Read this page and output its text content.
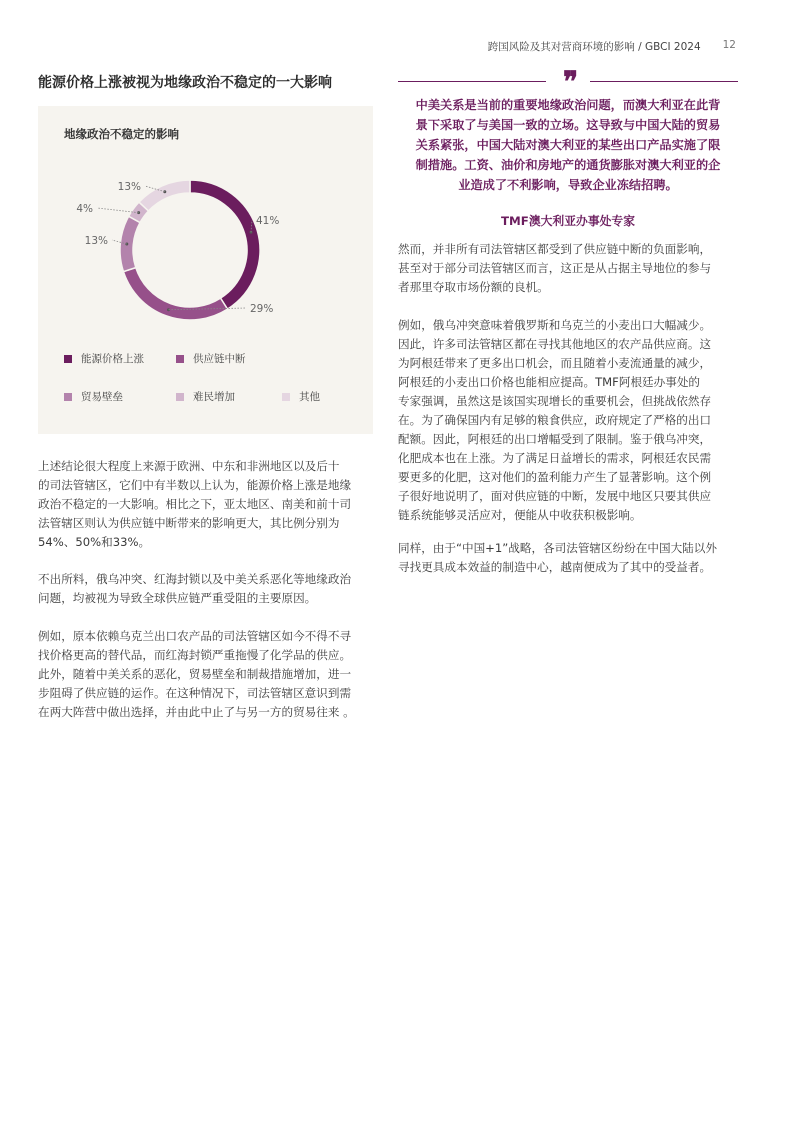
跨国风险及其对营商环境的影响 / GBCI 2024 12
能源价格上涨被视为地缘政治不稳定的一大影响
地缘政治不稳定的影响
41%
29%
13%
4%
13%
能源价格上涨	供应链中断
贸易壁垒	难民增加	其他
上述结论很大程度上来源于欧洲、中东和非洲地区以及后十
的司法管辖区，它们中有半数以上认为，能源价格上涨是地缘
政治不稳定的一大影响。相比之下，亚太地区、南美和前十司
法管辖区则认为供应链中断带来的影响更大，其比例分别为
54%、50%和33%。
不出所料，俄乌冲突、红海封锁以及中美关系恶化等地缘政治
问题，均被视为导致全球供应链严重受阻的主要原因。
例如，原本依赖乌克兰出口农产品的司法管辖区如今不得不寻
找价格更高的替代品，而红海封锁严重拖慢了化学品的供应。
此外，随着中美关系的恶化，贸易壁垒和制裁措施增加，进一
步阻碍了供应链的运作。在这种情况下，司法管辖区意识到需
在两大阵营中做出选择，并由此中止了与另一方的贸易往来 。
❞
中美关系是当前的重要地缘政治问题，而澳大利亚在此背
景下采取了与美国一致的立场。这导致与中国大陆的贸易
关系紧张，中国大陆对澳大利亚的某些出口产品实施了限
制措施。工资、油价和房地产的通货膨胀对澳大利亚的企
业造成了不利影响，导致企业冻结招聘。
TMF澳大利亚办事处专家
然而，并非所有司法管辖区都受到了供应链中断的负面影响，
甚至对于部分司法管辖区而言，这正是从占据主导地位的参与
者那里夺取市场份额的良机。
例如，俄乌冲突意味着俄罗斯和乌克兰的小麦出口大幅减少。
因此，许多司法管辖区都在寻找其他地区的农产品供应商。这
为阿根廷带来了更多出口机会，而且随着小麦流通量的减少，
阿根廷的小麦出口价格也能相应提高。TMF阿根廷办事处的
专家强调，虽然这是该国实现增长的重要机会，但挑战依然存
在。为了确保国内有足够的粮食供应，政府规定了严格的出口
配额。因此，阿根廷的出口增幅受到了限制。鉴于俄乌冲突，
化肥成本也在上涨。为了满足日益增长的需求，阿根廷农民需
要更多的化肥，这对他们的盈利能力产生了显著影响。这个例
子很好地说明了，面对供应链的中断，发展中地区只要其供应
链系统能够灵活应对，便能从中收获积极影响。
同样，由于“中国+1”战略，各司法管辖区纷纷在中国大陆以外
寻找更具成本效益的制造中心，越南便成为了其中的受益者。
